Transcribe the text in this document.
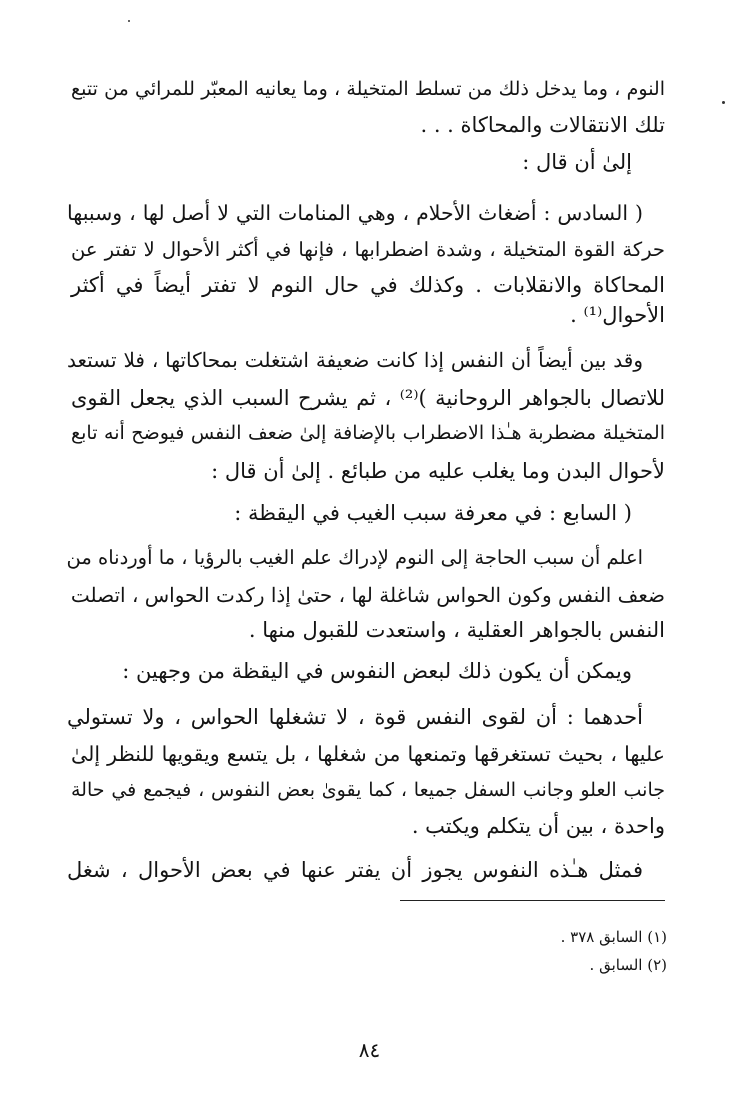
النوم ، وما يدخل ذلك من تسلط المتخيلة ، وما يعانيه المعبّر للمرائي من تتبع
تلك الانتقالات والمحاكاة . . .
إلىٰ أن قال :
( السادس : أضغاث الأحلام ، وهي المنامات التي لا أصل لها ، وسببها
حركة القوة المتخيلة ، وشدة اضطرابها ، فإنها في أكثر الأحوال لا تفتر عن
المحاكاة والانقلابات . وكذلك في حال النوم لا تفتر أيضاً في أكثر
الأحوال⁽¹⁾ .
وقد بين أيضاً أن النفس إذا كانت ضعيفة اشتغلت بمحاكاتها ، فلا تستعد
للاتصال بالجواهر الروحانية )⁽²⁾ ، ثم يشرح السبب الذي يجعل القوى
المتخيلة مضطربة هـٰذا الاضطراب بالإضافة إلىٰ ضعف النفس فيوضح أنه تابع
لأحوال البدن وما يغلب عليه من طبائع . إلىٰ أن قال :
( السابع : في معرفة سبب الغيب في اليقظة :
اعلم أن سبب الحاجة إلى النوم لإدراك علم الغيب بالرؤيا ، ما أوردناه من
ضعف النفس وكون الحواس شاغلة لها ، حتىٰ إذا ركدت الحواس ، اتصلت
النفس بالجواهر العقلية ، واستعدت للقبول منها .
ويمكن أن يكون ذلك لبعض النفوس في اليقظة من وجهين :
أحدهما : أن لقوى النفس قوة ، لا تشغلها الحواس ، ولا تستولي
عليها ، بحيث تستغرقها وتمنعها من شغلها ، بل يتسع ويقويها للنظر إلىٰ
جانب العلو وجانب السفل جميعا ، كما يقوىٰ بعض النفوس ، فيجمع في حالة
واحدة ، بين أن يتكلم ويكتب .
فمثل هـٰذه النفوس يجوز أن يفتر عنها في بعض الأحوال ، شغل
(١) السابق ٣٧٨ .
(٢) السابق .
٨٤
